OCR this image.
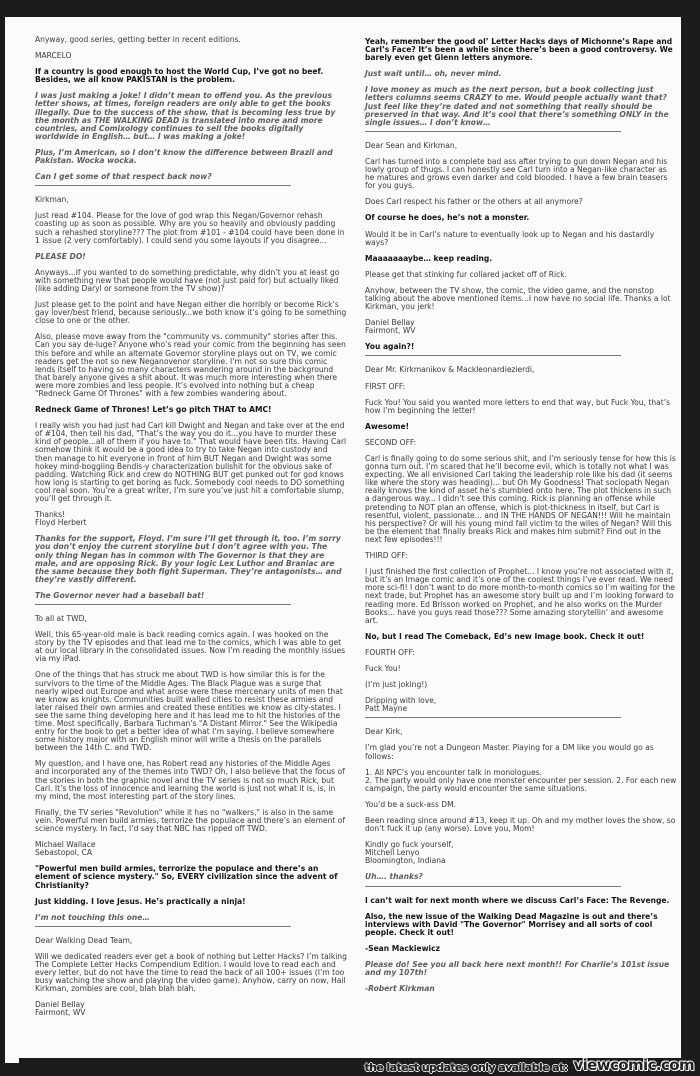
Anyway, good series, getting better in recent editions.

MARCELO

If a country is good enough to host the World Cup, I’ve got no beef. Besides, we all know PAKISTAN is the problem.

I was just making a joke! I didn’t mean to offend you. As the previous letter shows, at times, foreign readers are only able to get the books illegally. Due to the success of the show, that is becoming less true by the month as THE WALKING DEAD is translated into more and more countries, and Comixology continues to sell the books digitally worldwide in English… but… I was making a joke!

Plus, I’m American, so I don’t know the difference between Brazil and Pakistan. Wocka wocka.

Can I get some of that respect back now?

Kirkman,

Just read #104. Please for the love of god wrap this Negan/Governor rehash coasting up as soon as possible. Why are you so heavily and obviously padding such a rehashed storyline??? The plot from #101 - #104 could have been done in 1 issue (2 very comfortably). I could send you some layouts if you disagree...

PLEASE DO!

Anyways...if you wanted to do something predictable, why didn’t you at least go with something new that people would have (not just paid for) but actually liked (like adding Daryl or someone from the TV show)?

Just please get to the point and have Negan either die horribly or become Rick’s gay lover/best friend, because seriously...we both know it’s going to be something close to one or the other.

Also, please move away from the "community vs. community" stories after this. Can you say de-luge? Anyone who’s read your comic from the beginning has seen this before and while an alternate Governor storyline plays out on TV, we comic readers get the not so new Neganovenor storyline. I’m not so sure this comic lends itself to having so many characters wandering around in the background that barely anyone gives a shit about. It was much more interesting when there were more zombies and less people. It’s evolved into nothing but a cheap "Redneck Game Of Thrones" with a few zombies wandering about.

Redneck Game of Thrones! Let’s go pitch THAT to AMC!

I really wish you had just had Carl kill Dwight and Negan and take over at the end of #104, then tell his dad, "That’s the way you do it...you have to murder these kind of people...all of them if you have to." That would have been tits. Having Carl somehow think it would be a good idea to try to take Negan into custody and then manage to hit everyone in front of him BUT Negan and Dwight was some hokey mind-boggling Bendis-y characterization bullshit for the obvious sake of padding. Watching Rick and crew do NOTHING BUT get punked out for god knows how long is starting to get boring as fuck. Somebody cool needs to DO something cool real soon. You’re a great writer, I’m sure you’ve just hit a comfortable slump, you’ll get through it.

Thanks!
Floyd Herbert

Thanks for the support, Floyd. I’m sure I’ll get through it, too. I’m sorry you don’t enjoy the current storyline but I don’t agree with you. The only thing Negan has in common with The Governor is that they are male, and are opposing Rick. By your logic Lex Luthor and Braniac are the same because they both fight Superman. They’re antagonists… and they’re vastly different.

The Governor never had a baseball bat!

To all at TWD,

Well, this 65-year-old male is back reading comics again. I was hooked on the story by the TV episodes and that lead me to the comics, which I was able to get at our local library in the consolidated issues. Now I’m reading the monthly issues via my iPad.

One of the things that has struck me about TWD is how similar this is for the survivors to the time of the Middle Ages. The Black Plague was a surge that nearly wiped out Europe and what arose were these mercenary units of men that we know as knights. Communities built walled cities to resist these armies and later raised their own armies and created these entities we know as city-states. I see the same thing developing here and it has lead me to hit the histories of the time. Most specifically, Barbara Tuchman’s "A Distant Mirror." See the Wikipedia entry for the book to get a better idea of what I’m saying. I believe somewhere some history major with an English minor will write a thesis on the parallels between the 14th C. and TWD.

My question, and I have one, has Robert read any histories of the Middle Ages and incorporated any of the themes into TWD? Oh, I also believe that the focus of the stories in both the graphic novel and the TV series is not so much Rick, but Carl. It’s the loss of innocence and learning the world is just not what it is, is, in my mind, the most interesting part of the story lines.

Finally, the TV series "Revolution" while it has no "walkers," is also in the same vein. Powerful men build armies, terrorize the populace and there’s an element of science mystery. In fact, I’d say that NBC has ripped off TWD.

Michael Wallace
Sebastopol, CA

"Powerful men build armies, terrorize the populace and there’s an element of science mystery." So, EVERY civilization since the advent of Christianity?

Just kidding. I love Jesus. He’s practically a ninja!

I’m not touching this one…

Dear Walking Dead Team,

Will we dedicated readers ever get a book of nothing but Letter Hacks? I’m talking The Complete Letter Hacks Compendium Edition. I would love to read each and every letter, but do not have the time to read the back of all 100+ issues (I’m too busy watching the show and playing the video game). Anyhow, carry on now, Hail Kirkman, zombies are cool, blah blah blah.

Daniel Bellay
Fairmont, WV

Yeah, remember the good ol’ Letter Hacks days of Michonne’s Rape and Carl’s Face? It’s been a while since there’s been a good controversy. We barely even get Glenn letters anymore.

Just wait until… oh, never mind.

I love money as much as the next person, but a book collecting just letters columns seems CRAZY to me. Would people actually want that? Just feel like they’re dated and not something that really should be preserved in that way. And it’s cool that there’s something ONLY in the single issues… I don’t know…

Dear Sean and Kirkman,

Carl has turned into a complete bad ass after trying to gun down Negan and his lowly group of thugs. I can honestly see Carl turn into a Negan-like character as he matures and grows even darker and cold blooded. I have a few brain teasers for you guys.

Does Carl respect his father or the others at all anymore?

Of course he does, he’s not a monster.

Would it be in Carl’s nature to eventually look up to Negan and his dastardly ways?

Maaaaaaaybe… keep reading.

Please get that stinking fur collared jacket off of Rick.

Anyhow, between the TV show, the comic, the video game, and the nonstop talking about the above mentioned items...I now have no social life. Thanks a lot Kirkman, you jerk!

Daniel Bellay
Fairmont, WV

You again?!

Dear Mr. Kirkmanikov & Mackleonardiezierdi,

FIRST OFF:

Fuck You! You said you wanted more letters to end that way, but Fuck You, that’s how I’m beginning the letter!

Awesome!

SECOND OFF:

Carl is finally going to do some serious shit, and I’m seriously tense for how this is gonna turn out. I’m scared that he’ll become evil, which is totally not what I was expecting. We all envisioned Carl taking the leadership role like his dad (it seems like where the story was heading)... but Oh My Goodness! That sociopath Negan really knows the kind of asset he’s stumbled onto here. The plot thickens in such a dangerous way... I didn’t see this coming. Rick is planning an offense while pretending to NOT plan an offense, which is plot-thickness in itself, but Carl is resentful, violent, passionate... and IN THE HANDS OF NEGAN!!! Will he maintain his perspective? Or will his young mind fall victim to the wiles of Negan? Will this be the element that finally breaks Rick and makes him submit? Find out in the next few episodes!!!

THIRD OFF:

I just finished the first collection of Prophet... I know you’re not associated with it, but it’s an Image comic and it’s one of the coolest things I’ve ever read. We need more sci-fi! I don’t want to do more month-to-month comics so I’m waiting for the next trade, but Prophet has an awesome story built up and I’m looking forward to reading more. Ed Brisson worked on Prophet, and he also works on the Murder Books... have you guys read those??? Some amazing storytellin’ and awesome art.

No, but I read The Comeback, Ed’s new Image book. Check it out!

FOURTH OFF:

Fuck You!

(I’m just joking!)

Dripping with love,
Patt Mayne

Dear Kirk,

I’m glad you’re not a Dungeon Master. Playing for a DM like you would go as follows:

1. All NPC’s you encounter talk in monologues.
2. The party would only have one monster encounter per session. 2. For each new campaign, the party would encounter the same situations.

You’d be a suck-ass DM.

Been reading since around #13, keep it up. Oh and my mother loves the show, so don’t fuck it up (any worse). Love you, Mom!

Kindly go fuck yourself,
Mitchell Lenyo
Bloomington, Indiana

Uh…. thanks?

I can’t wait for next month where we discuss Carl’s Face: The Revenge.

Also, the new issue of the Walking Dead Magazine is out and there’s interviews with David "The Governor" Morrisey and all sorts of cool people. Check it out!

-Sean Mackiewicz

Please do! See you all back here next month!! For Charlie’s 101st issue and my 107th!

-Robert Kirkman

the latest updates only available at: viewcomic.com
